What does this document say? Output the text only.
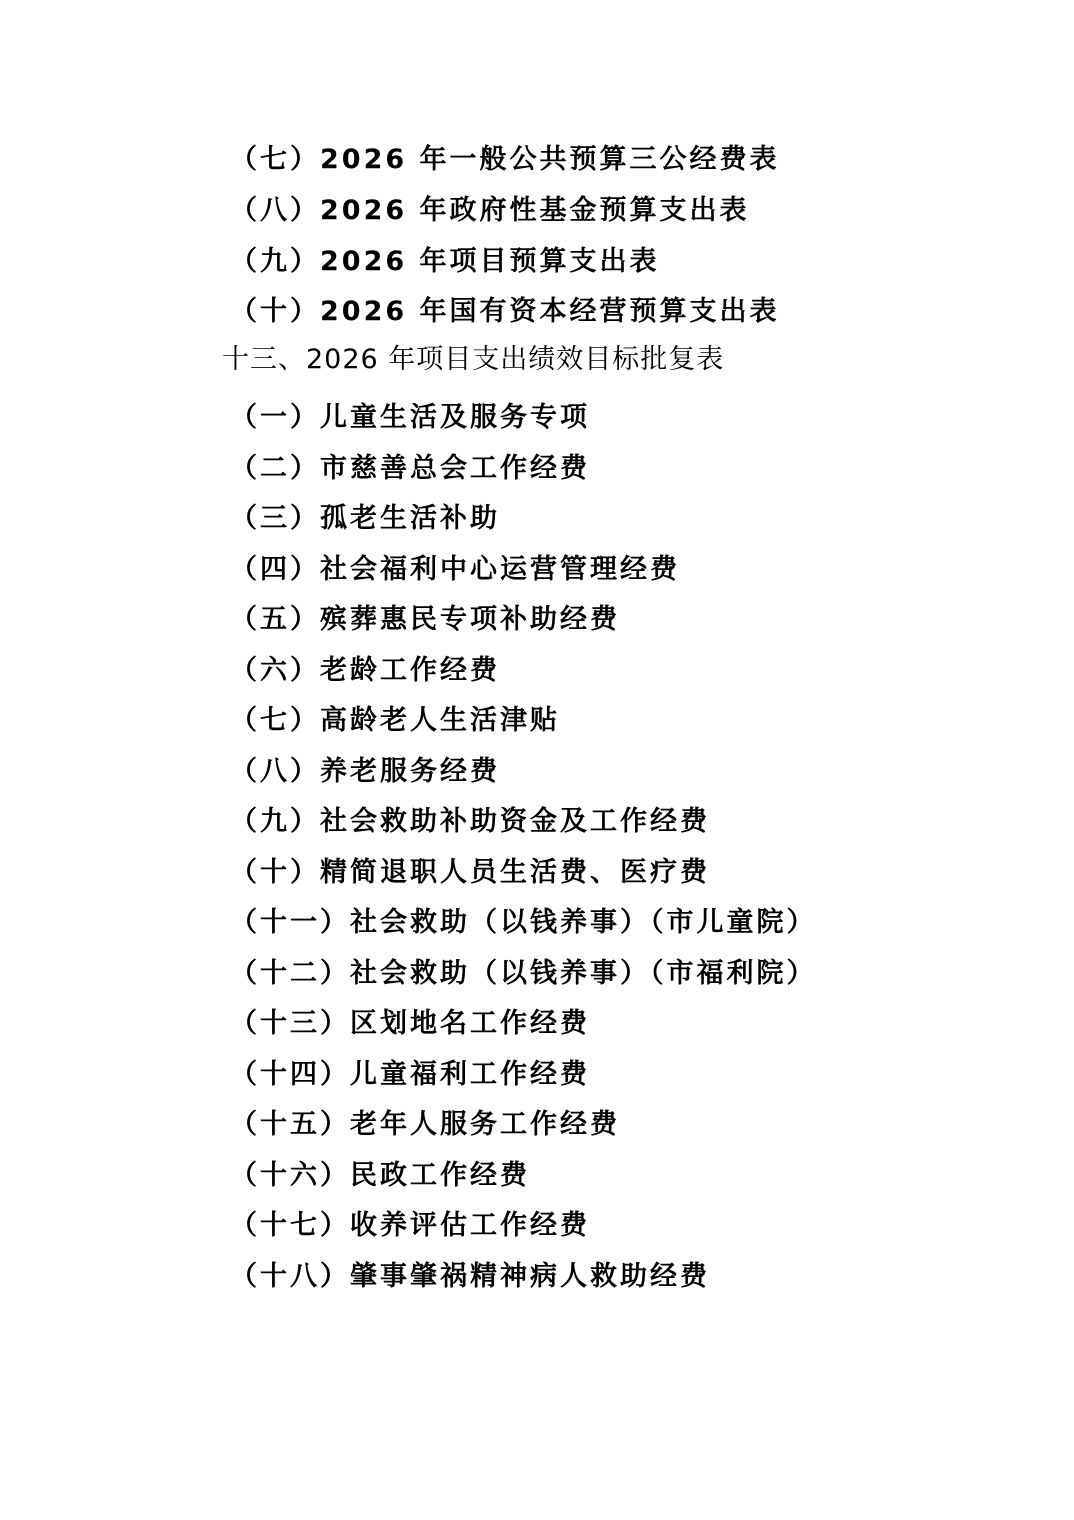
（七）2026 年一般公共预算三公经费表
（八）2026 年政府性基金预算支出表
（九）2026 年项目预算支出表
（十）2026 年国有资本经营预算支出表
十三、2026 年项目支出绩效目标批复表
（一）儿童生活及服务专项
（二）市慈善总会工作经费
（三）孤老生活补助
（四）社会福利中心运营管理经费
（五）殡葬惠民专项补助经费
（六）老龄工作经费
（七）高龄老人生活津贴
（八）养老服务经费
（九）社会救助补助资金及工作经费
（十）精简退职人员生活费、医疗费
（十一）社会救助（以钱养事）（市儿童院）
（十二）社会救助（以钱养事）（市福利院）
（十三）区划地名工作经费
（十四）儿童福利工作经费
（十五）老年人服务工作经费
（十六）民政工作经费
（十七）收养评估工作经费
（十八）肇事肇祸精神病人救助经费
